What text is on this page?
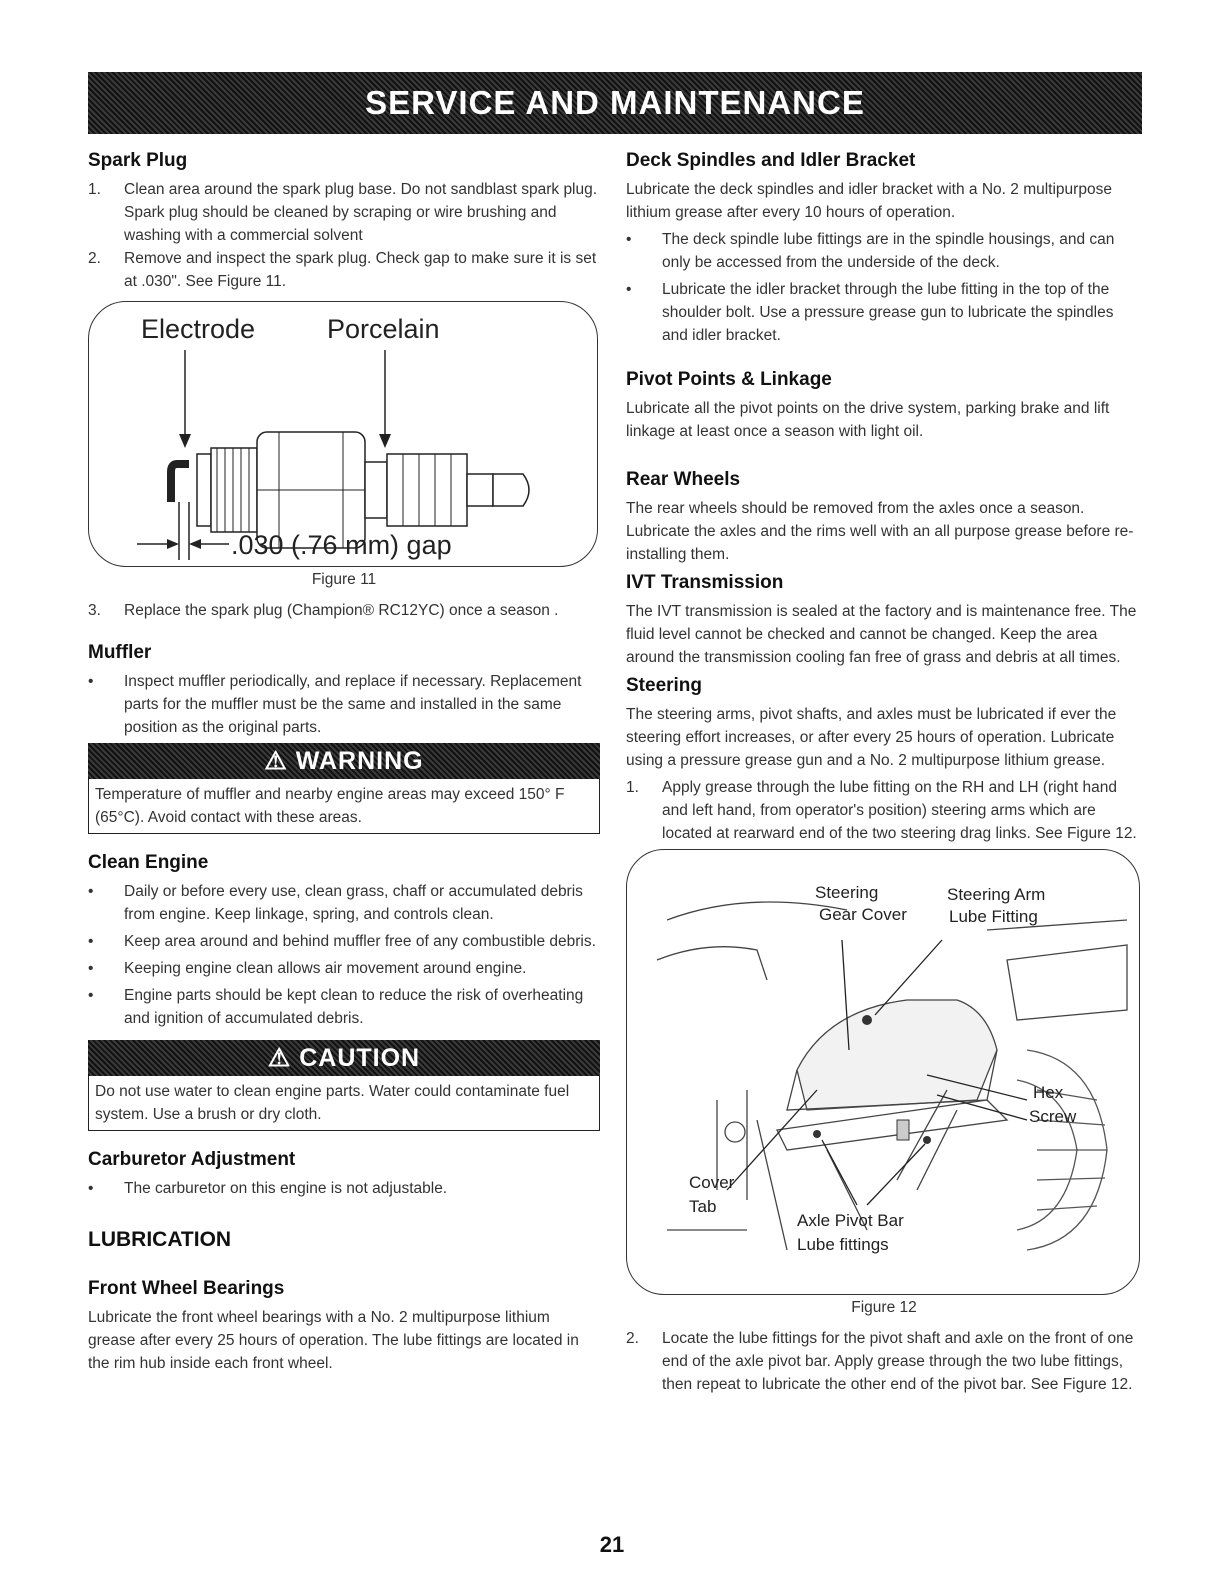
SERVICE AND MAINTENANCE
Spark Plug
1. Clean area around the spark plug base. Do not sandblast spark plug. Spark plug should be cleaned by scraping or wire brushing and washing with a commercial solvent
2. Remove and inspect the spark plug. Check gap to make sure it is set at .030". See Figure 11.
Electrode	Porcelain
.030 (.76 mm) gap
Figure 11
3. Replace the spark plug (Champion® RC12YC) once a season .
Muffler
• Inspect muffler periodically, and replace if necessary. Replacement parts for the muffler must be the same and installed in the same position as the original parts.
⚠
WARNING
Temperature of muffler and nearby engine areas may exceed 150° F (65°C). Avoid contact with these areas.
Clean Engine
• Daily or before every use, clean grass, chaff or accumulated debris from engine. Keep linkage, spring, and controls clean.
• Keep area around and behind muffler free of any combustible debris.
• Keeping engine clean allows air movement around engine.
• Engine parts should be kept clean to reduce the risk of overheating and ignition of accumulated debris.
⚠
CAUTION
Do not use water to clean engine parts. Water could contaminate fuel system. Use a brush or dry cloth.
Carburetor Adjustment
• The carburetor on this engine is not adjustable.
LUBRICATION
Front Wheel Bearings

Lubricate the front wheel bearings with a No. 2 multipurpose lithium grease after every 25 hours of operation. The lube fittings are located in the rim hub inside each front wheel.

Deck Spindles and Idler Bracket

Lubricate the deck spindles and idler bracket with a No. 2 multipurpose lithium grease after every 10 hours of operation.

• The deck spindle lube fittings are in the spindle housings, and can only be accessed from the underside of the deck.
• Lubricate the idler bracket through the lube fitting in the top of the shoulder bolt. Use a pressure grease gun to lubricate the spindles and idler bracket.
Pivot Points & Linkage

Lubricate all the pivot points on the drive system, parking brake and lift linkage at least once a season with light oil.

Rear Wheels

The rear wheels should be removed from the axles once a season. Lubricate the axles and the rims well with an all purpose grease before re-installing them.

IVT Transmission

The IVT transmission is sealed at the factory and is maintenance free. The fluid level cannot be checked and cannot be changed. Keep the area around the transmission cooling fan free of grass and debris at all times.

Steering

The steering arms, pivot shafts, and axles must be lubricated if ever the steering effort increases, or after every 25 hours of operation. Lubricate using a pressure grease gun and a No. 2 multipurpose lithium grease.

1. Apply grease through the lube fitting on the RH and LH (right hand and left hand, from operator's position) steering arms which are located at rearward end of the two steering drag links. See Figure 12.
Steering
Gear Cover
Steering Arm
Lube Fitting
Hex
Screw
Cover
Tab
Axle Pivot Bar
Lube fittings
Figure 12
2. Locate the lube fittings for the pivot shaft and axle on the front of one end of the axle pivot bar. Apply grease through the two lube fittings, then repeat to lubricate the other end of the pivot bar. See Figure 12.
21
